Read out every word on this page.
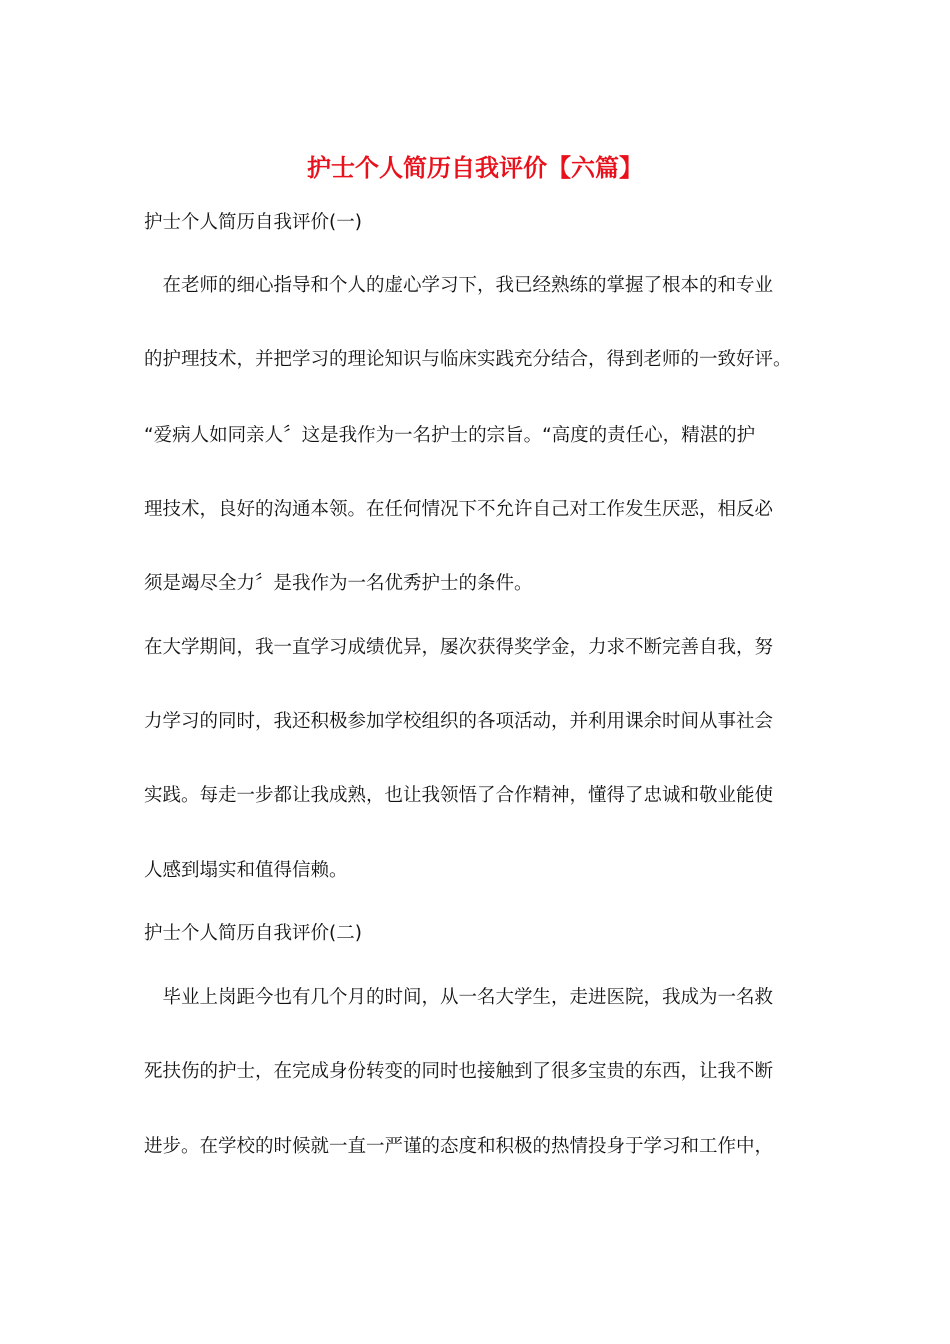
护士个人简历自我评价【六篇】

护士个人简历自我评价(一)

　在老师的细心指导和个人的虚心学习下，我已经熟练的掌握了根本的和专业

的护理技术，并把学习的理论知识与临床实践充分结合，得到老师的一致好评。

“爱病人如同亲人〞这是我作为一名护士的宗旨。“高度的责任心，精湛的护

理技术，良好的沟通本领。在任何情况下不允许自己对工作发生厌恶，相反必

须是竭尽全力〞是我作为一名优秀护士的条件。

在大学期间，我一直学习成绩优异，屡次获得奖学金，力求不断完善自我，努

力学习的同时，我还积极参加学校组织的各项活动，并利用课余时间从事社会

实践。每走一步都让我成熟，也让我领悟了合作精神，懂得了忠诚和敬业能使

人感到塌实和值得信赖。

护士个人简历自我评价(二)

　毕业上岗距今也有几个月的时间，从一名大学生，走进医院，我成为一名救

死扶伤的护士，在完成身份转变的同时也接触到了很多宝贵的东西，让我不断

进步。在学校的时候就一直一严谨的态度和积极的热情投身于学习和工作中，
